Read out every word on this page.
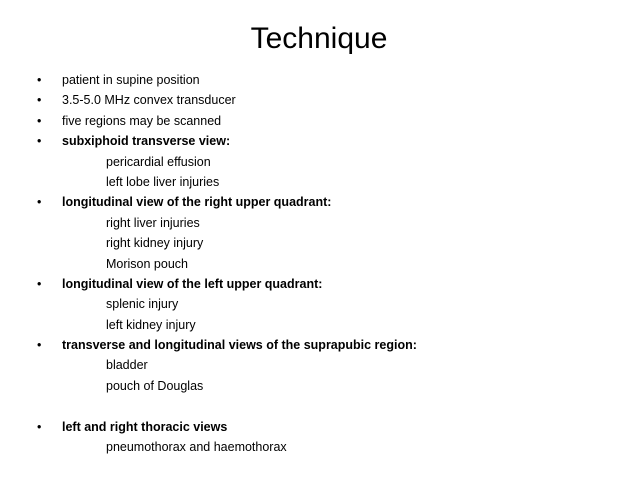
Technique
• patient in supine position
• 3.5-5.0 MHz convex transducer
• five regions may be scanned
• subxiphoid transverse view:
pericardial effusion
left lobe liver injuries
• longitudinal view of the right upper quadrant:
right liver injuries
right kidney injury
Morison pouch
• longitudinal view of the left upper quadrant:
splenic injury
left kidney injury
• transverse and longitudinal views of the suprapubic region:
bladder
pouch of Douglas
• left and right thoracic views
pneumothorax and haemothorax
